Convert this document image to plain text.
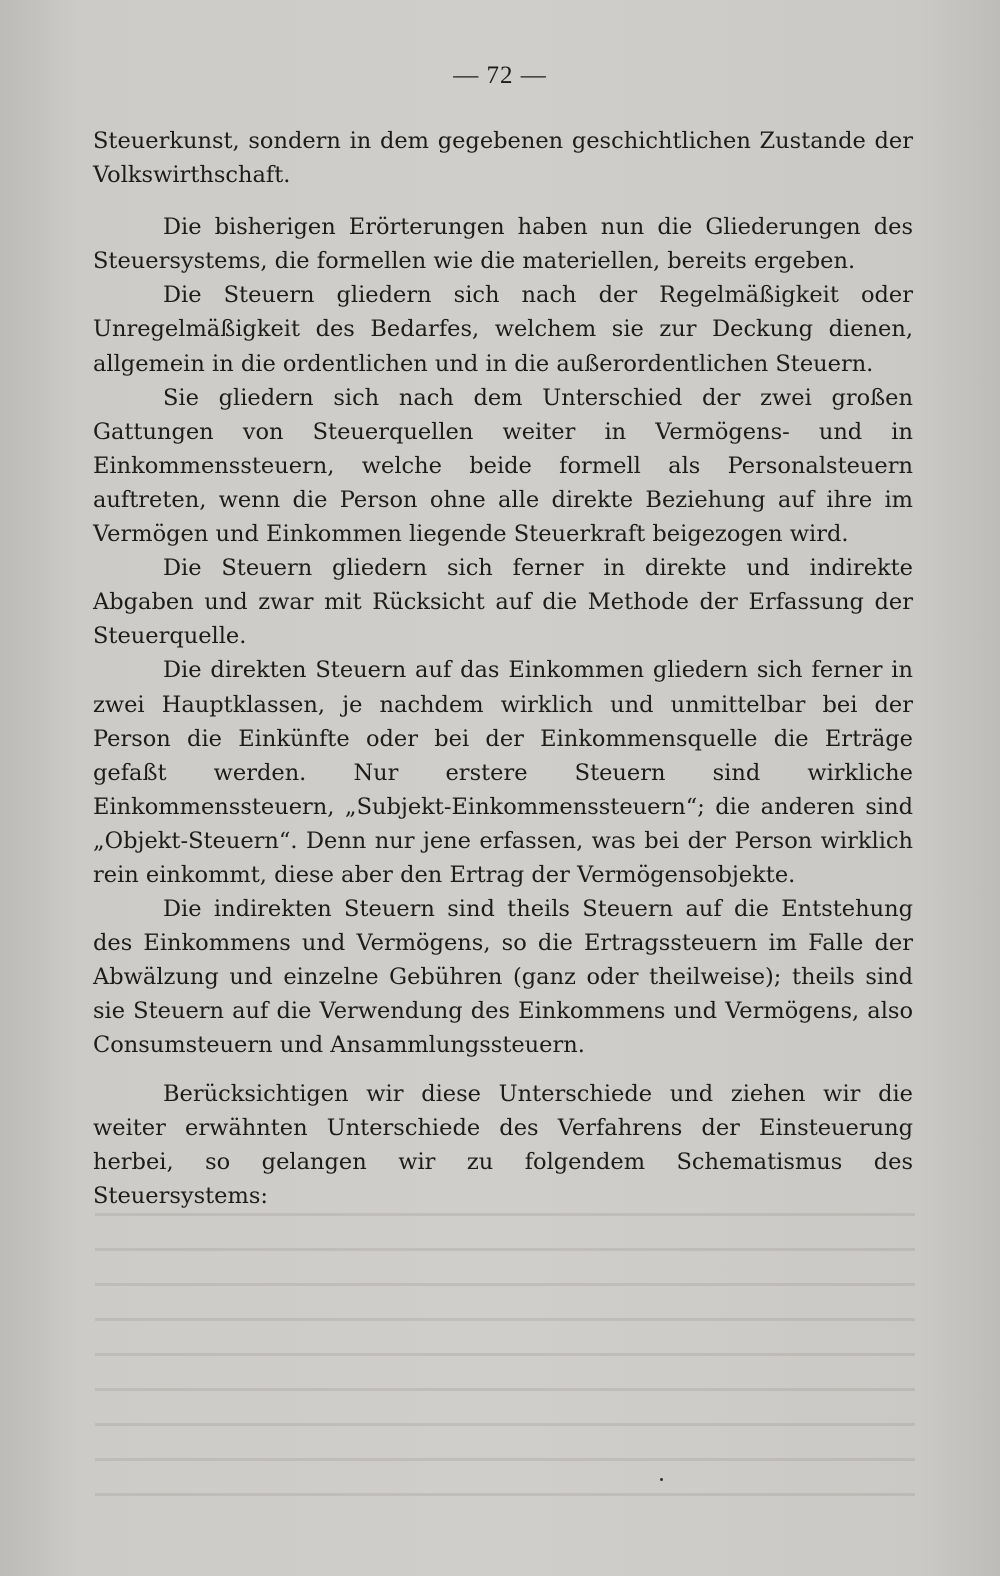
— 72 —

Steuerkunst, sondern in dem gegebenen geschichtlichen Zustande der Volkswirthschaft.

Die bisherigen Erörterungen haben nun die Gliederungen des Steuersystems, die formellen wie die materiellen, bereits ergeben.

Die Steuern gliedern sich nach der Regelmäßigkeit oder Unregelmäßigkeit des Bedarfes, welchem sie zur Deckung dienen, allgemein in die ordentlichen und in die außerordentlichen Steuern.

Sie gliedern sich nach dem Unterschied der zwei großen Gattungen von Steuerquellen weiter in Vermögens- und in Einkommenssteuern, welche beide formell als Personalsteuern auftreten, wenn die Person ohne alle direkte Beziehung auf ihre im Vermögen und Einkommen liegende Steuerkraft beigezogen wird.

Die Steuern gliedern sich ferner in direkte und indirekte Abgaben und zwar mit Rücksicht auf die Methode der Erfassung der Steuerquelle.

Die direkten Steuern auf das Einkommen gliedern sich ferner in zwei Hauptklassen, je nachdem wirklich und unmittelbar bei der Person die Einkünfte oder bei der Einkommensquelle die Erträge gefaßt werden. Nur erstere Steuern sind wirkliche Einkommenssteuern, „Subjekt-Einkommenssteuern“; die anderen sind „Objekt-Steuern“. Denn nur jene erfassen, was bei der Person wirklich rein einkommt, diese aber den Ertrag der Vermögensobjekte.

Die indirekten Steuern sind theils Steuern auf die Entstehung des Einkommens und Vermögens, so die Ertragssteuern im Falle der Abwälzung und einzelne Gebühren (ganz oder theilweise); theils sind sie Steuern auf die Verwendung des Einkommens und Vermögens, also Consumsteuern und Ansammlungssteuern.

Berücksichtigen wir diese Unterschiede und ziehen wir die weiter erwähnten Unterschiede des Verfahrens der Einsteuerung herbei, so gelangen wir zu folgendem Schematismus des Steuersystems:
